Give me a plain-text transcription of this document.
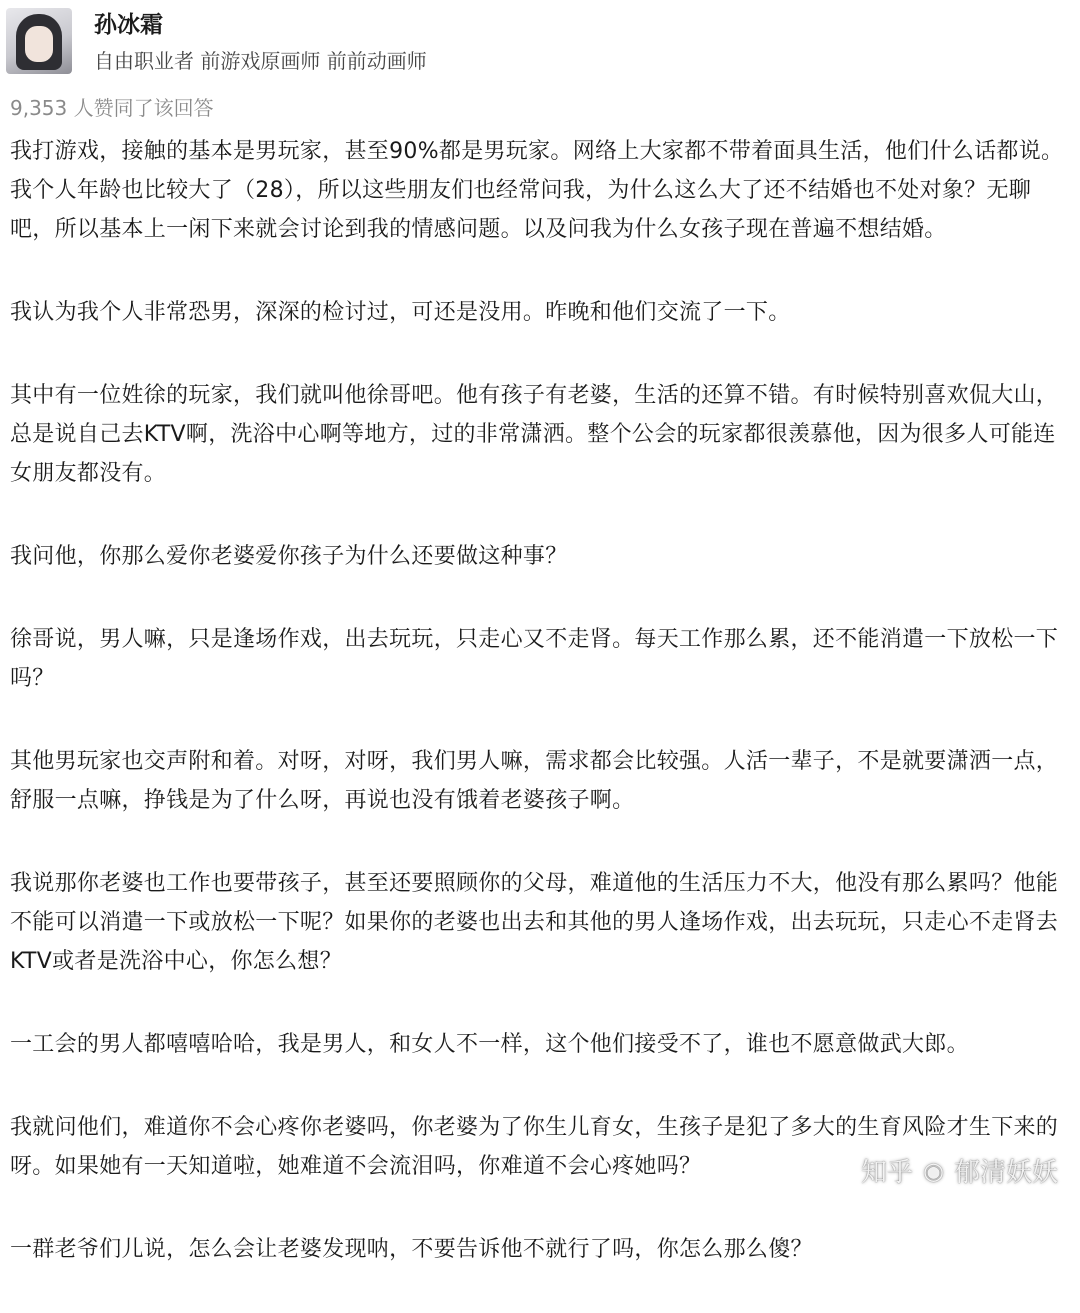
孙冰霜
自由职业者 前游戏原画师 前前动画师
9,353 人赞同了该回答

我打游戏，接触的基本是男玩家，甚至90%都是男玩家。网络上大家都不带着面具生活，他们什么话都说。我个人年龄也比较大了（28），所以这些朋友们也经常问我，为什么这么大了还不结婚也不处对象？无聊吧，所以基本上一闲下来就会讨论到我的情感问题。以及问我为什么女孩子现在普遍不想结婚。

我认为我个人非常恐男，深深的检讨过，可还是没用。昨晚和他们交流了一下。

其中有一位姓徐的玩家，我们就叫他徐哥吧。他有孩子有老婆，生活的还算不错。有时候特别喜欢侃大山，总是说自己去KTV啊，洗浴中心啊等地方，过的非常潇洒。整个公会的玩家都很羡慕他，因为很多人可能连女朋友都没有。

我问他，你那么爱你老婆爱你孩子为什么还要做这种事？

徐哥说，男人嘛，只是逢场作戏，出去玩玩，只走心又不走肾。每天工作那么累，还不能消遣一下放松一下吗？

其他男玩家也交声附和着。对呀，对呀，我们男人嘛，需求都会比较强。人活一辈子，不是就要潇洒一点，舒服一点嘛，挣钱是为了什么呀，再说也没有饿着老婆孩子啊。

我说那你老婆也工作也要带孩子，甚至还要照顾你的父母，难道他的生活压力不大，他没有那么累吗？他能不能可以消遣一下或放松一下呢？如果你的老婆也出去和其他的男人逢场作戏，出去玩玩，只走心不走肾去KTV或者是洗浴中心，你怎么想？

一工会的男人都嘻嘻哈哈，我是男人，和女人不一样，这个他们接受不了，谁也不愿意做武大郎。

我就问他们，难道你不会心疼你老婆吗，你老婆为了你生儿育女，生孩子是犯了多大的生育风险才生下来的呀。如果她有一天知道啦，她难道不会流泪吗，你难道不会心疼她吗？

一群老爷们儿说，怎么会让老婆发现呐，不要告诉他不就行了吗，你怎么那么傻？

知乎 ◉ 郁清妖妖
